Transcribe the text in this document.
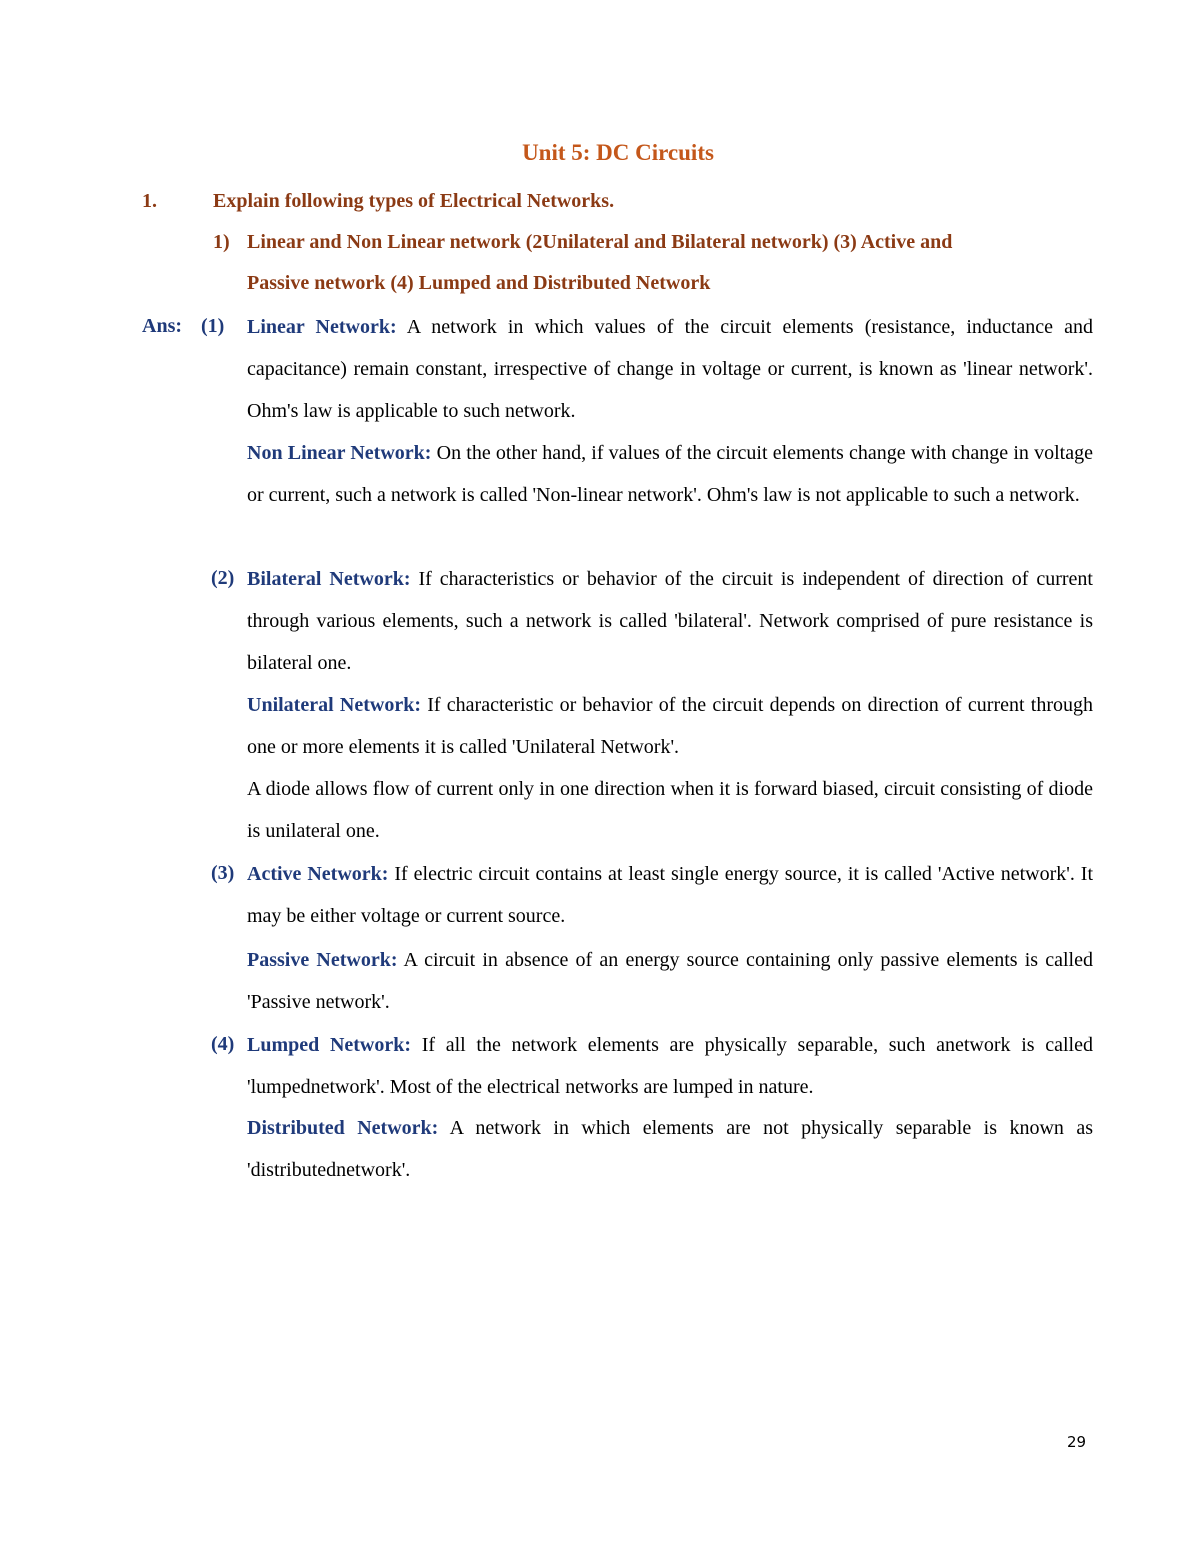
Unit 5: DC Circuits
1.	Explain following types of Electrical Networks.
1) Linear and Non Linear network (2Unilateral and Bilateral network) (3) Active and
Passive network (4) Lumped and Distributed Network
Ans: (1) Linear Network: A network in which values of the circuit elements (resistance, inductance and capacitance) remain constant, irrespective of change in voltage or current, is known as 'linear network'. Ohm's law is applicable to such network.
Non Linear Network: On the other hand, if values of the circuit elements change with change in voltage or current, such a network is called 'Non-linear network'. Ohm's law is not applicable to such a network.
(2) Bilateral Network: If characteristics or behavior of the circuit is independent of direction of current through various elements, such a network is called 'bilateral'. Network comprised of pure resistance is bilateral one.
Unilateral Network: If characteristic or behavior of the circuit depends on direction of current through one or more elements it is called 'Unilateral Network'.
A diode allows flow of current only in one direction when it is forward biased, circuit consisting of diode is unilateral one.
(3) Active Network: If electric circuit contains at least single energy source, it is called 'Active network'. It may be either voltage or current source.
Passive Network: A circuit in absence of an energy source containing only passive elements is called 'Passive network'.
(4) Lumped Network: If all the network elements are physically separable, such anetwork is called 'lumpednetwork'. Most of the electrical networks are lumped in nature.
Distributed Network: A network in which elements are not physically separable is known as 'distributednetwork'.
29
